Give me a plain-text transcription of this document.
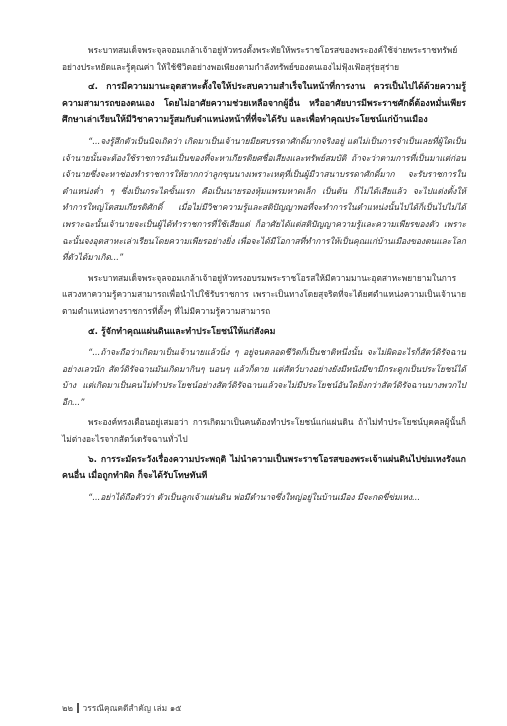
พระบาทสมเด็จพระจุลจอมเกล้าเจ้าอยู่หัวทรงตั้งพระทัยให้พระราชโอรสของพระองค์ใช้จ่ายพระราชทรัพย์อย่างประหยัดและรู้คุณค่า ให้ใช้ชีวิตอย่างพอเพียงตามกำลังทรัพย์ของตนเองไม่ฟุ้งเฟ้อสุรุ่ยสุร่าย

๔. การมีความมานะอุตสาหะตั้งใจให้ประสบความสำเร็จในหน้าที่การงาน ควรเป็นไปได้ด้วยความรู้ความสามารถของตนเอง โดยไม่อาศัยความช่วยเหลือจากผู้อื่น หรืออาศัยบารมีพระราชศักดิ์ต้องหมั่นเพียรศึกษาเล่าเรียนให้มีวิชาความรู้สมกับตำแหน่งหน้าที่ที่จะได้รับ และเพื่อทำคุณประโยชน์แก่บ้านเมือง

“...จงรู้สึกตัวเป็นนิจเถิดว่า เกิดมาเป็นเจ้านายมียศบรรดาศักดิ์มากจริงอยู่ แต่ไม่เป็นการจำเป็นเลยที่ผู้ใดเป็นเจ้านายนั้นจะต้องใช้ราชการอันเป็นของที่จะหาเกียรติยศชื่อเสียงและทรัพย์สมบัติ ถ้าจะว่าตามการที่เป็นมาแต่ก่อน เจ้านายซึ่งจะหาช่องทำราชการให้ยากกว่าลูกขุนนางเพราะเหตุที่เป็นผู้มีวาสนาบรรดาศักดิ์มาก จะรับราชการในตำแหน่งต่ำ ๆ ซึ่งเป็นกระไดขั้นแรก คือเป็นนายรองหุ้มแพรมหาดเล็ก เป็นต้น ก็ไม่ได้เสียแล้ว จะไปแต่งตั้งให้ทำการใหญ่โตสมเกียรติศักดิ์ เมื่อไม่มีวิชาความรู้และสติปัญญาพอที่จะทำการในตำแหน่งนั้นไปได้ก็เป็นไปไม่ได้ เพราะฉะนั้นเจ้านายจะเป็นผู้ได้ทำราชการที่ใช้เสียแต่ ก็อาศัยได้แต่สติปัญญาความรู้และความเพียรของตัว เพราะฉะนั้นจงอุตสาหะเล่าเรียนโดยความเพียรอย่างยิ่ง เพื่อจะได้มีโอกาสที่ทำการให้เป็นคุณแก่บ้านเมืองของตนและโลกที่ตัวได้มาเกิด...”

พระบาทสมเด็จพระจุลจอมเกล้าเจ้าอยู่หัวทรงอบรมพระราชโอรสให้มีความมานะอุตสาหะพยายามในการแสวงหาความรู้ความสามารถเพื่อนำไปใช้รับราชการ เพราะเป็นทางโดยสุจริตที่จะได้ยศตำแหน่งความเป็นเจ้านายตามตำแหน่งทางราชการที่ตั้งๆ ที่ไม่มีความรู้ความสามารถ

๕. รู้จักทำคุณแผ่นดินและทำประโยชน์ให้แก่สังคม

“...ถ้าจะถือว่าเกิดมาเป็นเจ้านายแล้วนิ่ง ๆ อยู่จนตลอดชีวิตก็เป็นชาติหนึ่งนั้น จะไม่ผิดอะไรก็สัตว์ดิรัจฉานอย่างเลวนัก สัตว์ดิรัจฉานมันเกิดมากินๆ นอนๆ แล้วก็ตาย แต่สัตว์บางอย่างยังมีหนังมีขามีกระดูกเป็นประโยชน์ได้บ้าง แต่เกิดมาเป็นคนไม่ทำประโยชน์อย่างสัตว์ดิรัจฉานแล้วจะไม่มีประโยชน์อันใดยิ่งกว่าสัตว์ดิรัจฉานบางพวกไปอีก...”

พระองค์ทรงเตือนอยู่เสมอว่า การเกิดมาเป็นคนต้องทำประโยชน์แก่แผ่นดิน ถ้าไม่ทำประโยชน์บุคคลผู้นั้นก็ไม่ต่างอะไรจากสัตว์เดรัจฉานทั่วไป

๖. การระมัดระวังเรื่องความประพฤติ ไม่นำความเป็นพระราชโอรสของพระเจ้าแผ่นดินไปข่มเหงรังแกคนอื่น เมื่อถูกทำผิด ก็จะได้รับโทษทันที

“...อย่าได้ถือตัวว่า ตัวเป็นลูกเจ้าแผ่นดิน พ่อมีตำนาจซึ่งใหญ่อยู่ในบ้านเมือง มีจะกดขี่ข่มเหง...

๒๒ วรรณีคุณคดีสำคัญ เล่ม ๑๕
